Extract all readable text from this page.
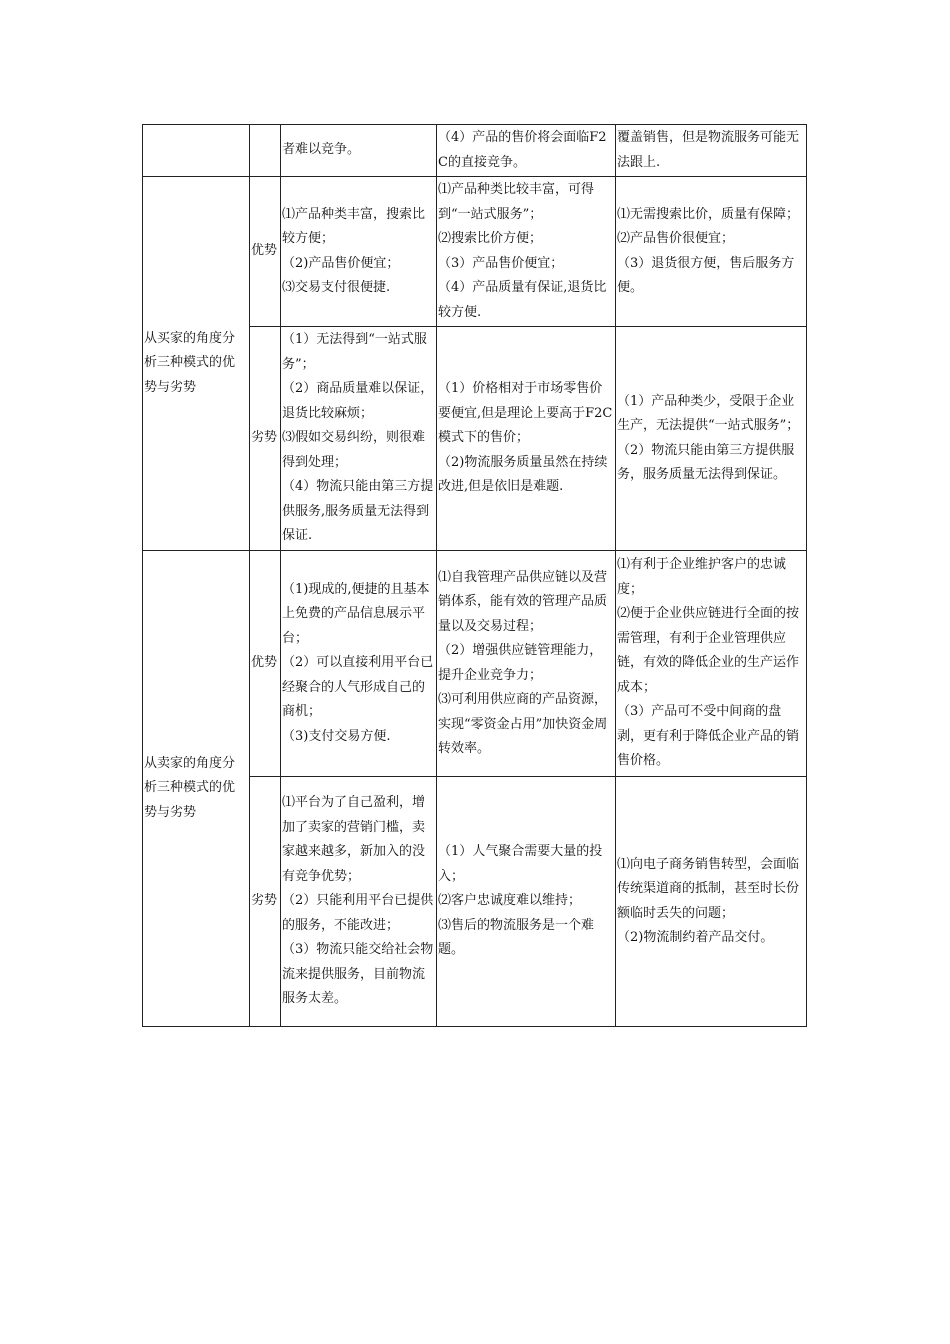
		者难以竞争。	（4）产品的售价将会面临F2C的直接竞争。	覆盖销售，但是物流服务可能无法跟上.

从买家的角度分析三种模式的优势与劣势	优势	⑴产品种类丰富，搜索比较方便；
（2)产品售价便宜；
⑶交易支付很便捷.	⑴产品种类比较丰富，可得到“一站式服务”；
⑵搜索比价方便；
（3）产品售价便宜；
（4）产品质量有保证,退货比较方便.	⑴无需搜索比价，质量有保障；
⑵产品售价很便宜；
（3）退货很方便，售后服务方便。

	劣势	（1）无法得到“一站式服务”；
（2）商品质量难以保证，退货比较麻烦；
⑶假如交易纠纷，则很难得到处理；
（4）物流只能由第三方提供服务,服务质量无法得到保证.	（1）价格相对于市场零售价要便宜,但是理论上要高于F2C模式下的售价；
（2)物流服务质量虽然在持续改进,但是依旧是难题.	（1）产品种类少，受限于企业生产，无法提供“一站式服务”；
（2）物流只能由第三方提供服务，服务质量无法得到保证。

从卖家的角度分析三种模式的优势与劣势	优势	（1)现成的,便捷的且基本上免费的产品信息展示平台；
（2）可以直接利用平台已经聚合的人气形成自己的商机；
（3)支付交易方便.	⑴自我管理产品供应链以及营销体系，能有效的管理产品质量以及交易过程；
（2）增强供应链管理能力，提升企业竞争力；
⑶可利用供应商的产品资源，实现“零资金占用”加快资金周转效率。	⑴有利于企业维护客户的忠诚度；
⑵便于企业供应链进行全面的按需管理，有利于企业管理供应链，有效的降低企业的生产运作成本；
（3）产品可不受中间商的盘剥，更有利于降低企业产品的销售价格。

	劣势	⑴平台为了自己盈利，增加了卖家的营销门槛，卖家越来越多，新加入的没有竞争优势；
（2）只能利用平台已提供的服务，不能改进；
（3）物流只能交给社会物流来提供服务，目前物流服务太差。	（1）人气聚合需要大量的投入；
⑵客户忠诚度难以维持；
⑶售后的物流服务是一个难题。	⑴向电子商务销售转型，会面临传统渠道商的抵制，甚至时长份额临时丢失的问题；
（2)物流制约着产品交付。
